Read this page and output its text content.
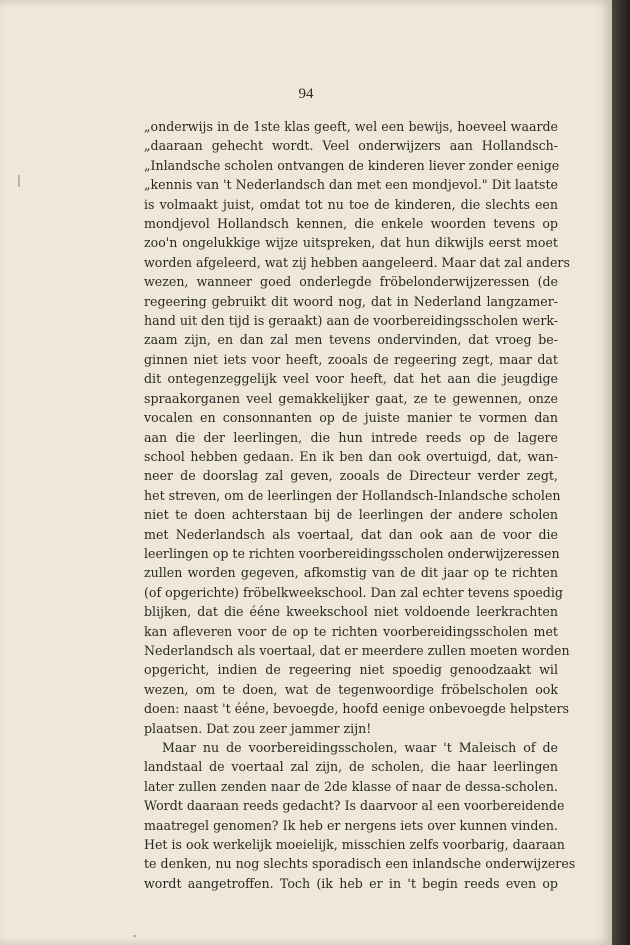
94
„onderwijs in de 1ste klas geeft, wel een bewijs, hoeveel waarde
„daaraan gehecht wordt. Veel onderwijzers aan Hollandsch-
„Inlandsche scholen ontvangen de kinderen liever zonder eenige
„kennis van 't Nederlandsch dan met een mondjevol." Dit laatste
is volmaakt juist, omdat tot nu toe de kinderen, die slechts een
mondjevol Hollandsch kennen, die enkele woorden tevens op
zoo'n ongelukkige wijze uitspreken, dat hun dikwijls eerst moet
worden afgeleerd, wat zij hebben aangeleerd. Maar dat zal anders
wezen, wanneer goed onderlegde fröbelonderwijzeressen (de
regeering gebruikt dit woord nog, dat in Nederland langzamer-
hand uit den tijd is geraakt) aan de voorbereidingsscholen werk-
zaam zijn, en dan zal men tevens ondervinden, dat vroeg be-
ginnen niet iets voor heeft, zooals de regeering zegt, maar dat
dit ontegenzeggelijk veel voor heeft, dat het aan die jeugdige
spraakorganen veel gemakkelijker gaat, ze te gewennen, onze
vocalen en consonnanten op de juiste manier te vormen dan
aan die der leerlingen, die hun intrede reeds op de lagere
school hebben gedaan. En ik ben dan ook overtuigd, dat, wan-
neer de doorslag zal geven, zooals de Directeur verder zegt,
het streven, om de leerlingen der Hollandsch-Inlandsche scholen
niet te doen achterstaan bij de leerlingen der andere scholen
met Nederlandsch als voertaal, dat dan ook aan de voor die
leerlingen op te richten voorbereidingsscholen onderwijzeressen
zullen worden gegeven, afkomstig van de dit jaar op te richten
(of opgerichte) fröbelkweekschool. Dan zal echter tevens spoedig
blijken, dat die ééne kweekschool niet voldoende leerkrachten
kan afleveren voor de op te richten voorbereidingsscholen met
Nederlandsch als voertaal, dat er meerdere zullen moeten worden
opgericht, indien de regeering niet spoedig genoodzaakt wil
wezen, om te doen, wat de tegenwoordige fröbelscholen ook
doen: naast 't ééne, bevoegde, hoofd eenige onbevoegde helpsters
plaatsen. Dat zou zeer jammer zijn!
Maar nu de voorbereidingsscholen, waar 't Maleisch of de
landstaal de voertaal zal zijn, de scholen, die haar leerlingen
later zullen zenden naar de 2de klasse of naar de dessa-scholen.
Wordt daaraan reeds gedacht? Is daarvoor al een voorbereidende
maatregel genomen? Ik heb er nergens iets over kunnen vinden.
Het is ook werkelijk moeielijk, misschien zelfs voorbarig, daaraan
te denken, nu nog slechts sporadisch een inlandsche onderwijzeres
wordt aangetroffen. Toch (ik heb er in 't begin reeds even op
